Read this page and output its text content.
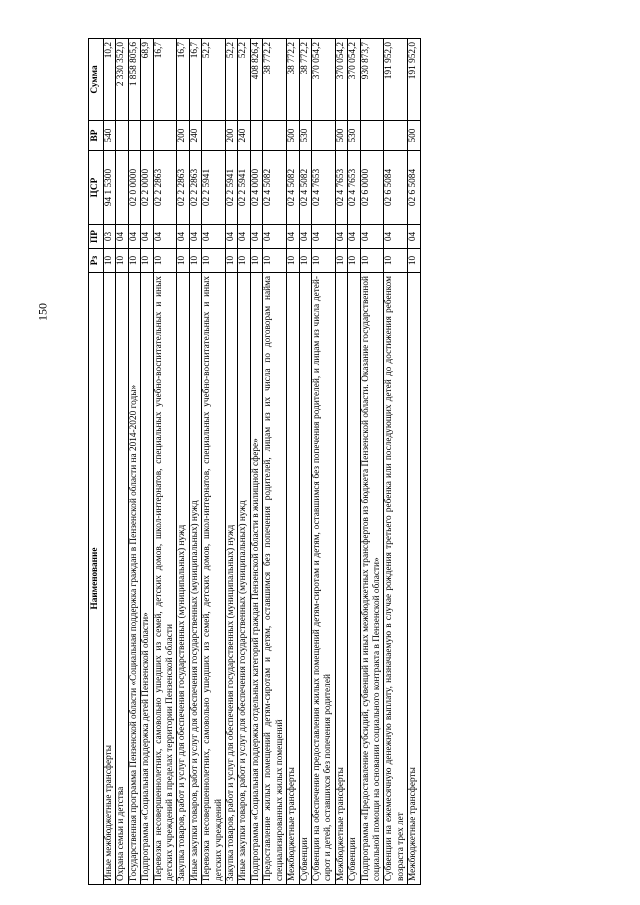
150
Наименование	Рз	ПР	ЦСР	ВР	Сумма
Иные межбюджетные трансферты	10	03	94 1 5300	540	10,2
Охрана семьи и детства	10	04			2 330 352,0
Государственная программа Пензенской области «Социальная поддержка граждан в Пензенской области на 2014-2020 годы»	10	04	02 0 0000		1 858 805,6
Подпрограмма «Социальная поддержка детей Пензенской области»	10	04	02 2 0000		68,9
Перевозка несовершеннолетних, самовольно ушедших из семей, детских домов, школ-интернатов, специальных учебно-воспитательных и иных детских учреждений в пределах территории Пензенской области	10	04	02 2 2863		16,7
Закупка товаров, работ и услуг для обеспечения государственных (муниципальных) нужд	10	04	02 2 2863	200	16,7
Иные закупки товаров, работ и услуг для обеспечения государственных (муниципальных) нужд	10	04	02 2 2863	240	16,7
Перевозка несовершеннолетних, самовольно ушедших из семей, детских домов, школ-интернатов, специальных учебно-воспитательных и иных детских учреждений	10	04	02 2 5941		52,2
Закупка товаров, работ и услуг для обеспечения государственных (муниципальных) нужд	10	04	02 2 5941	200	52,2
Иные закупки товаров, работ и услуг для обеспечения государственных (муниципальных) нужд	10	04	02 2 5941	240	52,2
Подпрограмма «Социальная поддержка отдельных категорий граждан Пензенской области в жилищной сфере»	10	04	02 4 0000		408 826,4
Предоставление жилых помещений детям-сиротам и детям, оставшимся без попечения родителей, лицам из их числа по договорам найма специализированных жилых помещений	10	04	02 4 5082		38 772,2
Межбюджетные трансферты	10	04	02 4 5082	500	38 772,2
Субвенции	10	04	02 4 5082	530	38 772,2
Субвенции на обеспечение предоставления жилых помещений детям-сиротам и детям, оставшимся без попечения родителей, и лицам из числа детей-сирот и детей, оставшихся без попечения родителей	10	04	02 4 7653		370 054,2
Межбюджетные трансферты	10	04	02 4 7653	500	370 054,2
Субвенции	10	04	02 4 7653	530	370 054,2
Подпрограмма «Предоставление субсидий, субвенций и иных межбюджетных трансфертов из бюджета Пензенской области. Оказание государственной социальной помощи на основании социального контракта в Пензенской области»	10	04	02 6 0000		930 873,7
Субвенции на ежемесячную денежную выплату, назначаемую в случае рождения третьего ребенка или последующих детей до достижения ребенком возраста трех лет	10	04	02 6 5084		191 952,0
Межбюджетные трансферты	10	04	02 6 5084	500	191 952,0
